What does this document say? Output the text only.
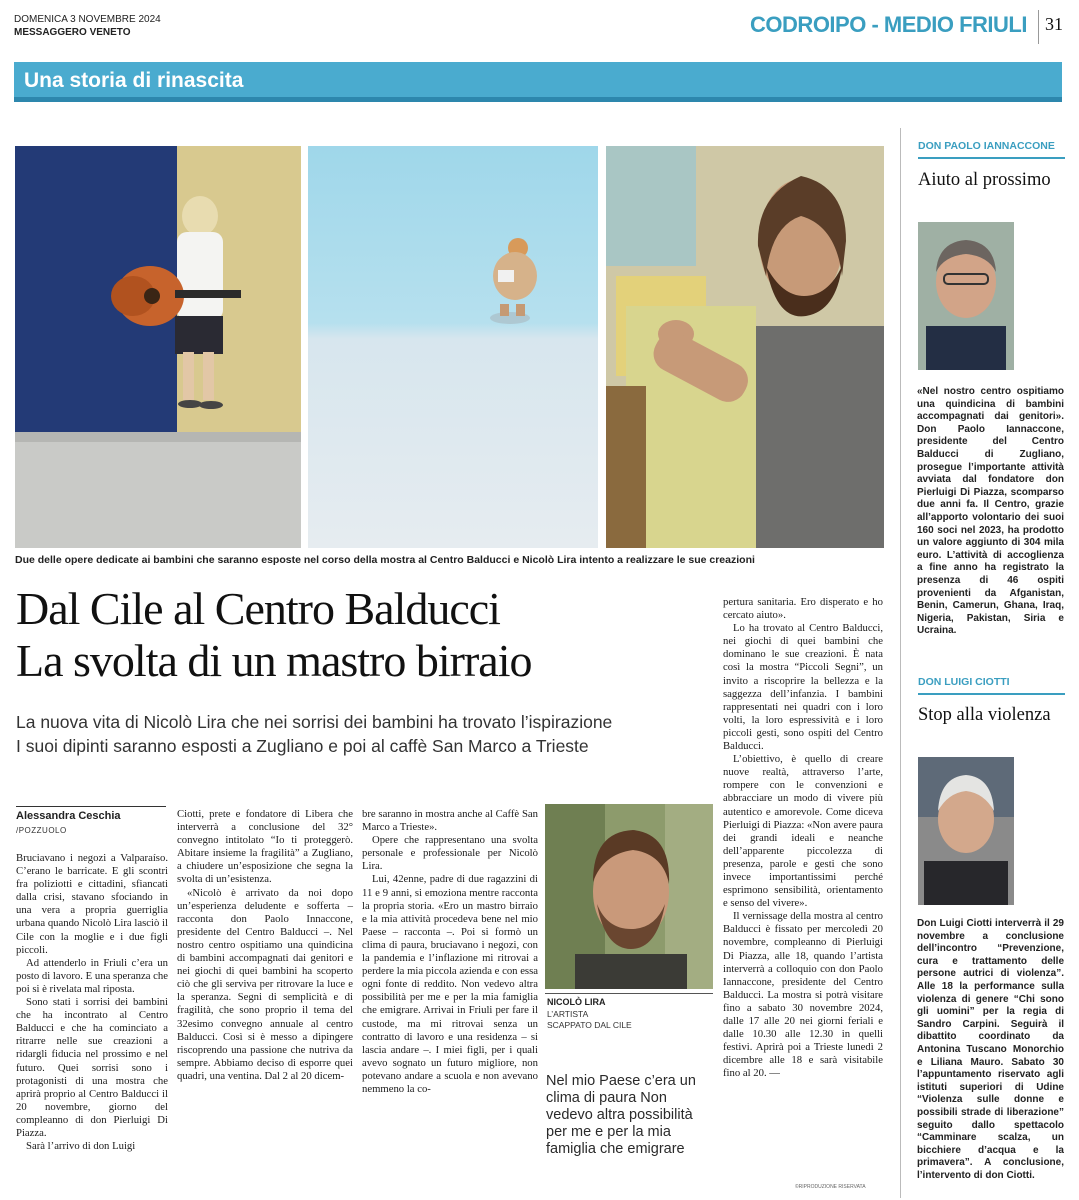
DOMENICA 3 NOVEMBRE 2024
MESSAGGERO VENETO	CODROIPO - MEDIO FRIULI 31
Una storia di rinascita
Due delle opere dedicate ai bambini che saranno esposte nel corso della mostra al Centro Balducci e Nicolò Lira intento a realizzare le sue creazioni
Dal Cile al Centro Balducci
La svolta di un mastro birraio
La nuova vita di Nicolò Lira che nei sorrisi dei bambini ha trovato l’ispirazione
I suoi dipinti saranno esposti a Zugliano e poi al caffè San Marco a Trieste
Alessandra Ceschia
/POZZUOLO

Bruciavano i negozi a Valparaíso. C’erano le barricate. E gli scontri fra poliziotti e cittadini, sfiancati dalla crisi, stavano sfociando in una vera a propria guerriglia urbana quando Nicolò Lira lasciò il Cile con la moglie e i due figli piccoli.

Ad attenderlo in Friuli c’era un posto di lavoro. E una speranza che poi si è rivelata mal riposta.

Sono stati i sorrisi dei bambini che ha incontrato al Centro Balducci e che ha cominciato a ritrarre nelle sue creazioni a ridargli fiducia nel prossimo e nel futuro. Quei sorrisi sono i protagonisti di una mostra che aprirà proprio al Centro Balducci il 20 novembre, giorno del compleanno di don Pierluigi Di Piazza.

Sarà l’arrivo di don Luigi

Ciotti, prete e fondatore di Libera che interverrà a conclusione del 32° convegno intitolato “Io ti proteggerò. Abitare insieme la fragilità” a Zugliano, a chiudere un’esposizione che segna la svolta di un’esistenza.

«Nicolò è arrivato da noi dopo un’esperienza deludente e sofferta – racconta don Paolo Innaccone, presidente del Centro Balducci –. Nel nostro centro ospitiamo una quindicina di bambini accompagnati dai genitori e nei giochi di quei bambini ha scoperto ciò che gli serviva per ritrovare la luce e la speranza. Segni di semplicità e di fragilità, che sono proprio il tema del 32esimo convegno annuale al centro Balducci. Così si è messo a dipingere riscoprendo una passione che nutriva da sempre. Abbiamo deciso di esporre quei quadri, una ventina. Dal 2 al 20 dicem-

bre saranno in mostra anche al Caffè San Marco a Trieste».

Opere che rappresentano una svolta personale e professionale per Nicolò Lira.

Lui, 42enne, padre di due ragazzini di 11 e 9 anni, si emoziona mentre racconta la propria storia. «Ero un mastro birraio e la mia attività procedeva bene nel mio Paese – racconta –. Poi si formò un clima di paura, bruciavano i negozi, con la pandemia e l’inflazione mi ritrovai a perdere la mia piccola azienda e con essa ogni fonte di reddito. Non vedevo altra possibilità per me e per la mia famiglia che emigrare. Arrivai in Friuli per fare il custode, ma mi ritrovai senza un contratto di lavoro e una residenza – si lascia andare –. I miei figli, per i quali avevo sognato un futuro migliore, non potevano andare a scuola e non avevano nemmeno la co-

pertura sanitaria. Ero disperato e ho cercato aiuto».

Lo ha trovato al Centro Balducci, nei giochi di quei bambini che dominano le sue creazioni. È nata così la mostra “Piccoli Segni”, un invito a riscoprire la bellezza e la saggezza dell’infanzia. I bambini rappresentati nei quadri con i loro volti, la loro espressività e i loro piccoli gesti, sono ospiti del Centro Balducci.

L’obiettivo, è quello di creare nuove realtà, attraverso l’arte, rompere con le convenzioni e abbracciare un modo di vivere più autentico e amorevole. Come diceva Pierluigi di Piazza: «Non avere paura dei grandi ideali e neanche dell’apparente piccolezza di presenza, parole e gesti che sono invece importantissimi perché esprimono sensibilità, orientamento e senso del vivere».

Il vernissage della mostra al centro Balducci è fissato per mercoledì 20 novembre, compleanno di Pierluigi Di Piazza, alle 18, quando l’artista interverrà a colloquio con don Paolo Iannaccone, presidente del Centro Balducci. La mostra si potrà visitare fino a sabato 30 novembre 2024, dalle 17 alle 20 nei giorni feriali e dalle 10.30 alle 12.30 in quelli festivi. Aprirà poi a Trieste lunedì 2 dicembre alle 18 e sarà visitabile fino al 20. —

NICOLÒ LIRA
L’ARTISTA
SCAPPATO DAL CILE
Nel mio Paese c’era un clima di paura Non vedevo altra possibilità per me e per la mia famiglia che emigrare
©RIPRODUZIONE RISERVATA
DON PAOLO IANNACCONE
Aiuto al prossimo
«Nel nostro centro ospitiamo una quindicina di bambini accompagnati dai genitori». Don Paolo Iannaccone, presidente del Centro Balducci di Zugliano, prosegue l’importante attività avviata dal fondatore don Pierluigi Di Piazza, scomparso due anni fa. Il Centro, grazie all’apporto volontario dei suoi 160 soci nel 2023, ha prodotto un valore aggiunto di 304 mila euro. L’attività di accoglienza a fine anno ha registrato la presenza di 46 ospiti provenienti da Afganistan, Benin, Camerun, Ghana, Iraq, Nigeria, Pakistan, Siria e Ucraina.
DON LUIGI CIOTTI
Stop alla violenza
Don Luigi Ciotti interverrà il 29 novembre a conclusione dell’incontro “Prevenzione, cura e trattamento delle persone autrici di violenza”. Alle 18 la performance sulla violenza di genere “Chi sono gli uomini” per la regia di Sandro Carpini. Seguirà il dibattito coordinato da Antonina Tuscano Monorchio e Liliana Mauro. Sabato 30 l’appuntamento riservato agli istituti superiori di Udine “Violenza sulle donne e possibili strade di liberazione” seguito dallo spettacolo “Camminare scalza, un bicchiere d’acqua e la primavera”. A conclusione, l’intervento di don Ciotti.
